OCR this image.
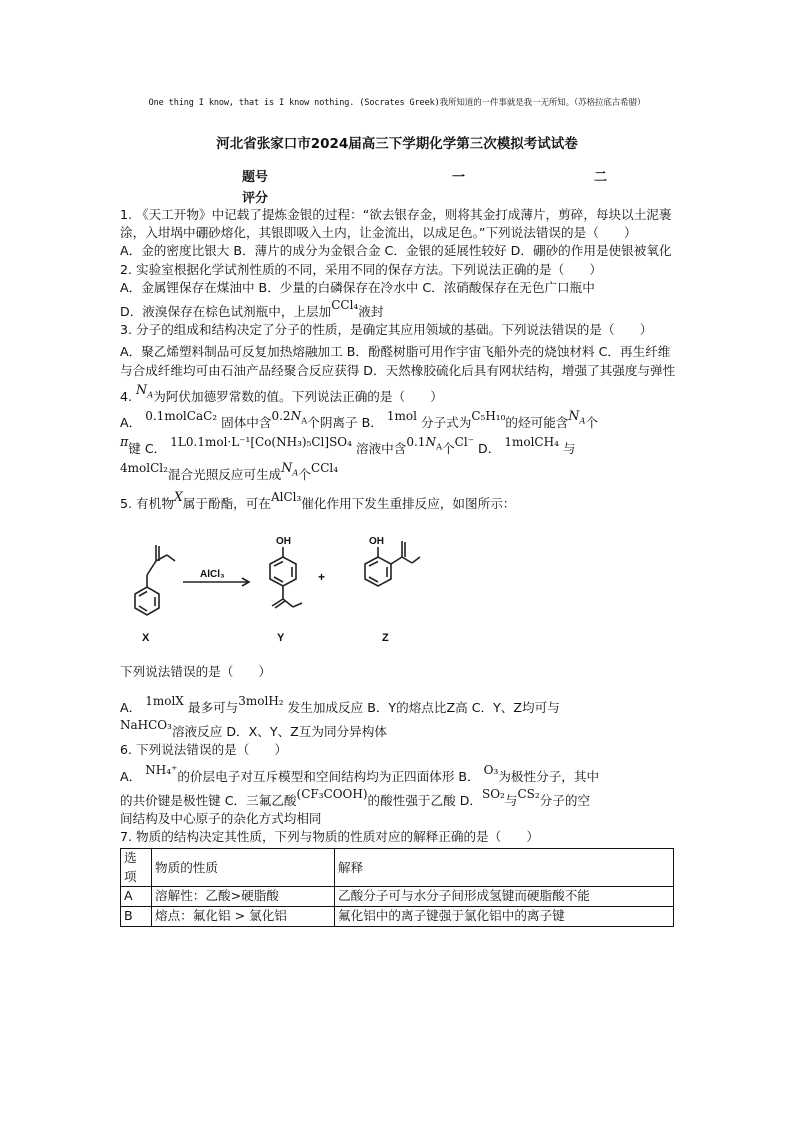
One thing I know, that is I know nothing. (Socrates Greek)我所知道的一件事就是我一无所知。（苏格拉底古希腊）
河北省张家口市2024届高三下学期化学第三次模拟考试试卷
题号	一	二
评分
1. 《天工开物》中记载了提炼金银的过程：“欲去银存金，则将其金打成薄片，剪碎，每块以土泥裹涂，入坩埚中硼砂熔化，其银即吸入土内，让金流出，以成足色。”下列说法错误的是（　　）
A．金的密度比银大 B．薄片的成分为金银合金 C．金银的延展性较好 D．硼砂的作用是使银被氧化
2. 实验室根据化学试剂性质的不同，采用不同的保存方法。下列说法正确的是（　　）
A．金属锂保存在煤油中 B．少量的白磷保存在冷水中 C．浓硝酸保存在无色广口瓶中
D．液溴保存在棕色试剂瓶中，上层加CCl₄液封
3. 分子的组成和结构决定了分子的性质，是确定其应用领域的基础。下列说法错误的是（　　）
A．聚乙烯塑料制品可反复加热熔融加工 B．酚醛树脂可用作宇宙飞船外壳的烧蚀材料 C．再生纤维与合成纤维均可由石油产品经聚合反应获得 D．天然橡胶硫化后具有网状结构，增强了其强度与弹性
4. $N_A$为阿伏加德罗常数的值。下列说法正确的是（　　）
A． 0.1molCaC₂ 固体中含$0.2N_A$个阴离子 B． 1mol 分子式为C₅H₁₀的烃可能含$N_A$个
π键 C． 1L0.1mol·L⁻¹[Co(NH₃)₅Cl]SO₄ 溶液中含$0.1N_A$个Cl⁻ D． 1molCH₄ 与
4molCl₂混合光照反应可生成$N_A$个CCl₄
5. 有机物X属于酚酯，可在AlCl₃催化作用下发生重排反应，如图所示：
AlCl₃	+
OH	OH
X	Y	Z
下列说法错误的是（　　）
A． 1molX 最多可与3molH₂ 发生加成反应 B．Y的熔点比Z高 C．Y、Z均可与
NaHCO₃溶液反应 D．X、Y、Z互为同分异构体
6. 下列说法错误的是（　　）
A． NH₄⁺的价层电子对互斥模型和空间结构均为正四面体形 B． O₃为极性分子，其中
的共价键是极性键 C．三氟乙酸(CF₃COOH)的酸性强于乙酸 D．SO₂与CS₂分子的空
间结构及中心原子的杂化方式均相同
7. 物质的结构决定其性质，下列与物质的性质对应的解释正确的是（　　）
选项	物质的性质	解释
A	溶解性：乙酸>硬脂酸	乙酸分子可与水分子间形成氢键而硬脂酸不能
B	熔点：氟化铝 > 氯化铝	氟化铝中的离子键强于氯化铝中的离子键
